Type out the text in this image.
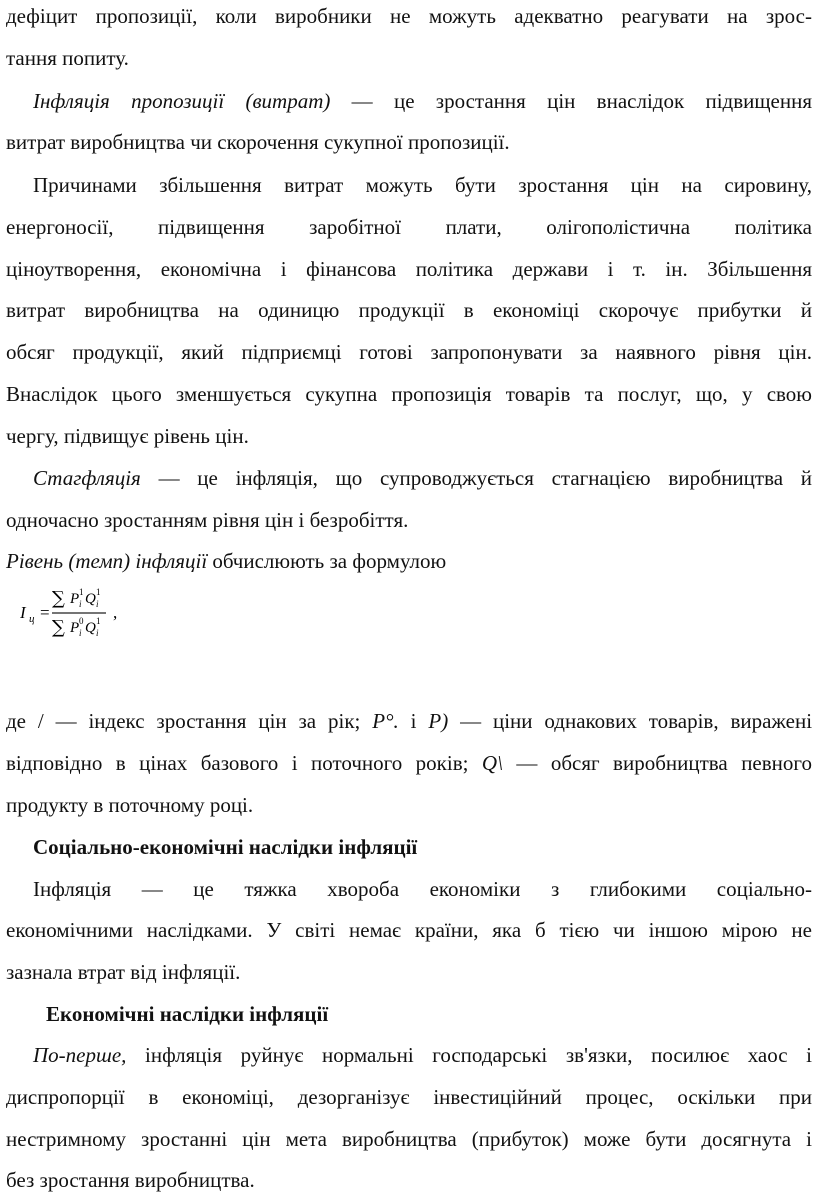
дефіцит пропозиції, коли виробники не можуть адекватно реагувати на зрос-
тання попиту.
Інфляція пропозиції (витрат) — це зростання цін внаслідок підвищення
витрат виробництва чи скорочення сукупної пропозиції.
Причинами збільшення витрат можуть бути зростання цін на сировину,
енергоносії, підвищення заробітної плати, олігополістична політика
ціноутворення, економічна і фінансова політика держави і т. ін. Збільшення
витрат виробництва на одиницю продукції в економіці скорочує прибутки й
обсяг продукції, який підприємці готові запропонувати за наявного рівня цін.
Внаслідок цього зменшується сукупна пропозиція товарів та послуг, що, у свою
чергу, підвищує рівень цін.
Стагфляція — це інфляція, що супроводжується стагнацією виробництва й
одночасно зростанням рівня цін і безробіття.
Рівень (темп) інфляції обчислюють за формулою
I ц =
∑ P 1
i Q 1
i
∑ P 0
i Q 1
i
,
де / — індекс зростання цін за рік; Р°. і Р) — ціни однакових товарів, виражені
відповідно в цінах базового і поточного років; Q\ — обсяг виробництва певного
продукту в поточному році.
Соціально-економічні наслідки інфляції
Інфляція — це тяжка хвороба економіки з глибокими соціально-
економічними наслідками. У світі немає країни, яка б тією чи іншою мірою не
зазнала втрат від інфляції.
Економічні наслідки інфляції
По-перше, інфляція руйнує нормальні господарські зв'язки, посилює хаос і
диспропорції в економіці, дезорганізує інвестиційний процес, оскільки при
нестримному зростанні цін мета виробництва (прибуток) може бути досягнута і
без зростання виробництва.
